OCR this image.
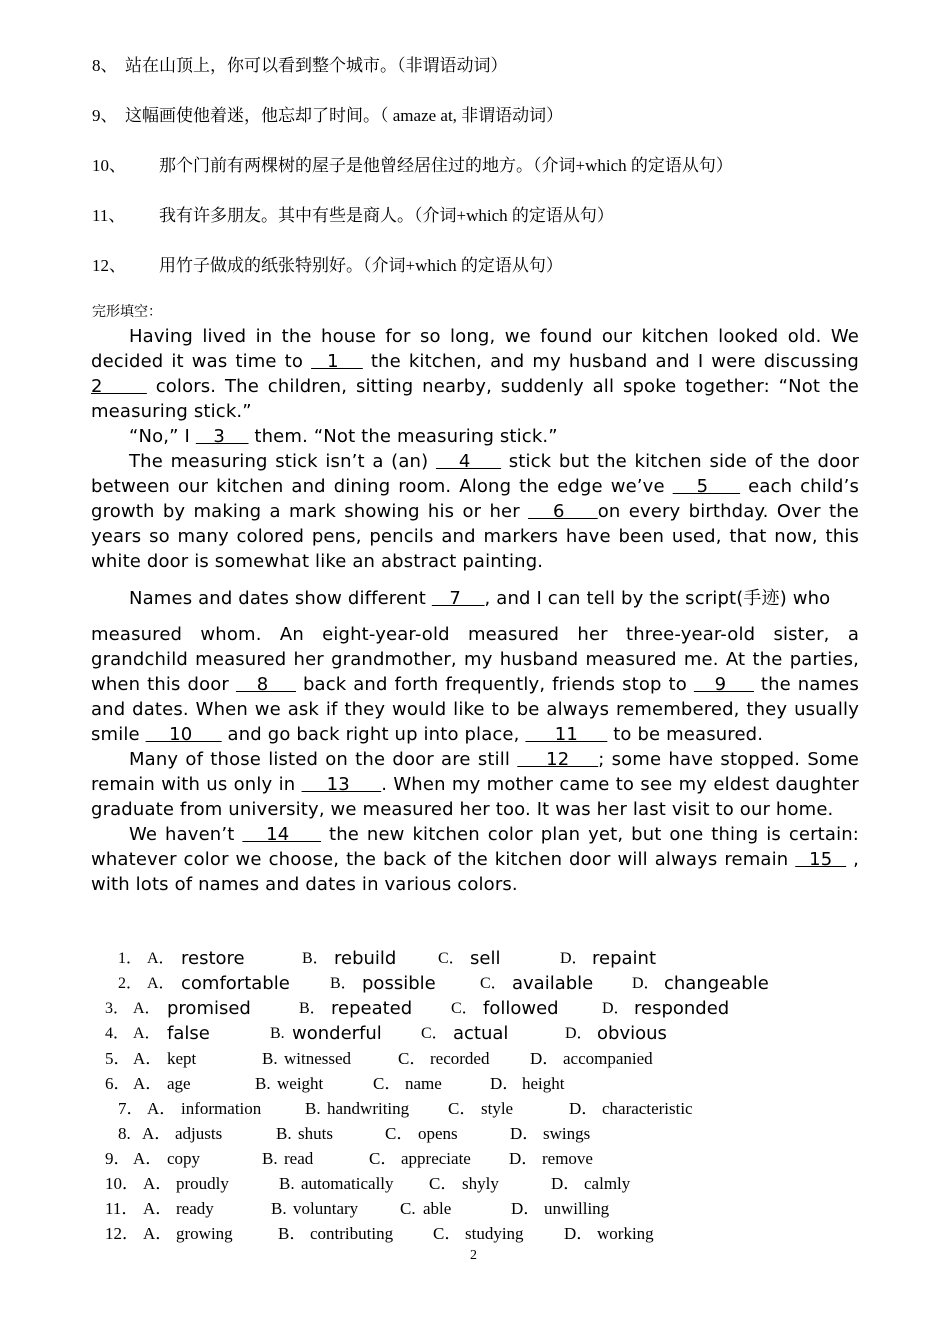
8、 站在山顶上，你可以看到整个城市。（非谓语动词）
9、 这幅画使他着迷，他忘却了时间。（ amaze at, 非谓语动词）
10、 那个门前有两棵树的屋子是他曾经居住过的地方。（介词+which 的定语从句）
11、 我有许多朋友。其中有些是商人。（介词+which 的定语从句）
12、 用竹子做成的纸张特别好。（介词+which 的定语从句）
完形填空：

Having lived in the house for so long, we found our kitchen looked old. We decided it was time to   1    the kitchen, and my husband and I were discussing 2      colors. The children, sitting nearby, suddenly all spoke together: “Not the measuring stick.”

“No,” I    3     them. “Not the measuring stick.”

The measuring stick isn’t a (an)    4     stick but the kitchen side of the door between our kitchen and dining room. Along the edge we’ve    5     each child’s growth by making a mark showing his or her    6    on every birthday. Over the years so many colored pens, pencils and markers have been used, that now, this white door is somewhat like an abstract painting.

Names and dates show different    7    , and I can tell by the script(手迹) who

measured whom. An eight-year-old measured her three-year-old sister, a grandchild measured her grandmother, my husband measured me. At the parties, when this door    8     back and forth frequently, friends stop to    9     the names and dates. When we ask if they would like to be always remembered, they usually smile     10      and go back right up into place,      11      to be measured.

Many of those listed on the door are still     12    ; some have stopped. Some remain with us only in     13     . When my mother came to see my eldest daughter graduate from university, we measured her too. It was her last visit to our home.

We haven’t    14     the new kitchen color plan yet, but one thing is certain: whatever color we choose, the back of the kitchen door will always remain   15   , with lots of names and dates in various colors.

1． A． restore	B． rebuild	C． sell	D． repaint
2． A． comfortable	B． possible	C． available D． changeable
3． A． promised	B． repeated C． followed	D． responded
4． A． false	B. wonderful C． actual	D． obvious
5． A． kept	B. witnessed	C． recorded D． accompanied
6． A． age	B. weight	C． name	D． height
7． A． information	B. handwriting C． style	D． characteristic
8. A． adjusts	B. shuts	C． opens	D． swings
9． A． copy	B. read	C． appreciate D． remove
10． A． proudly	B. automatically C． shyly	D． calmly
11． A． ready	B. voluntary C. able	D． unwilling
12． A． growing	B． contributing C． studying D． working
2
